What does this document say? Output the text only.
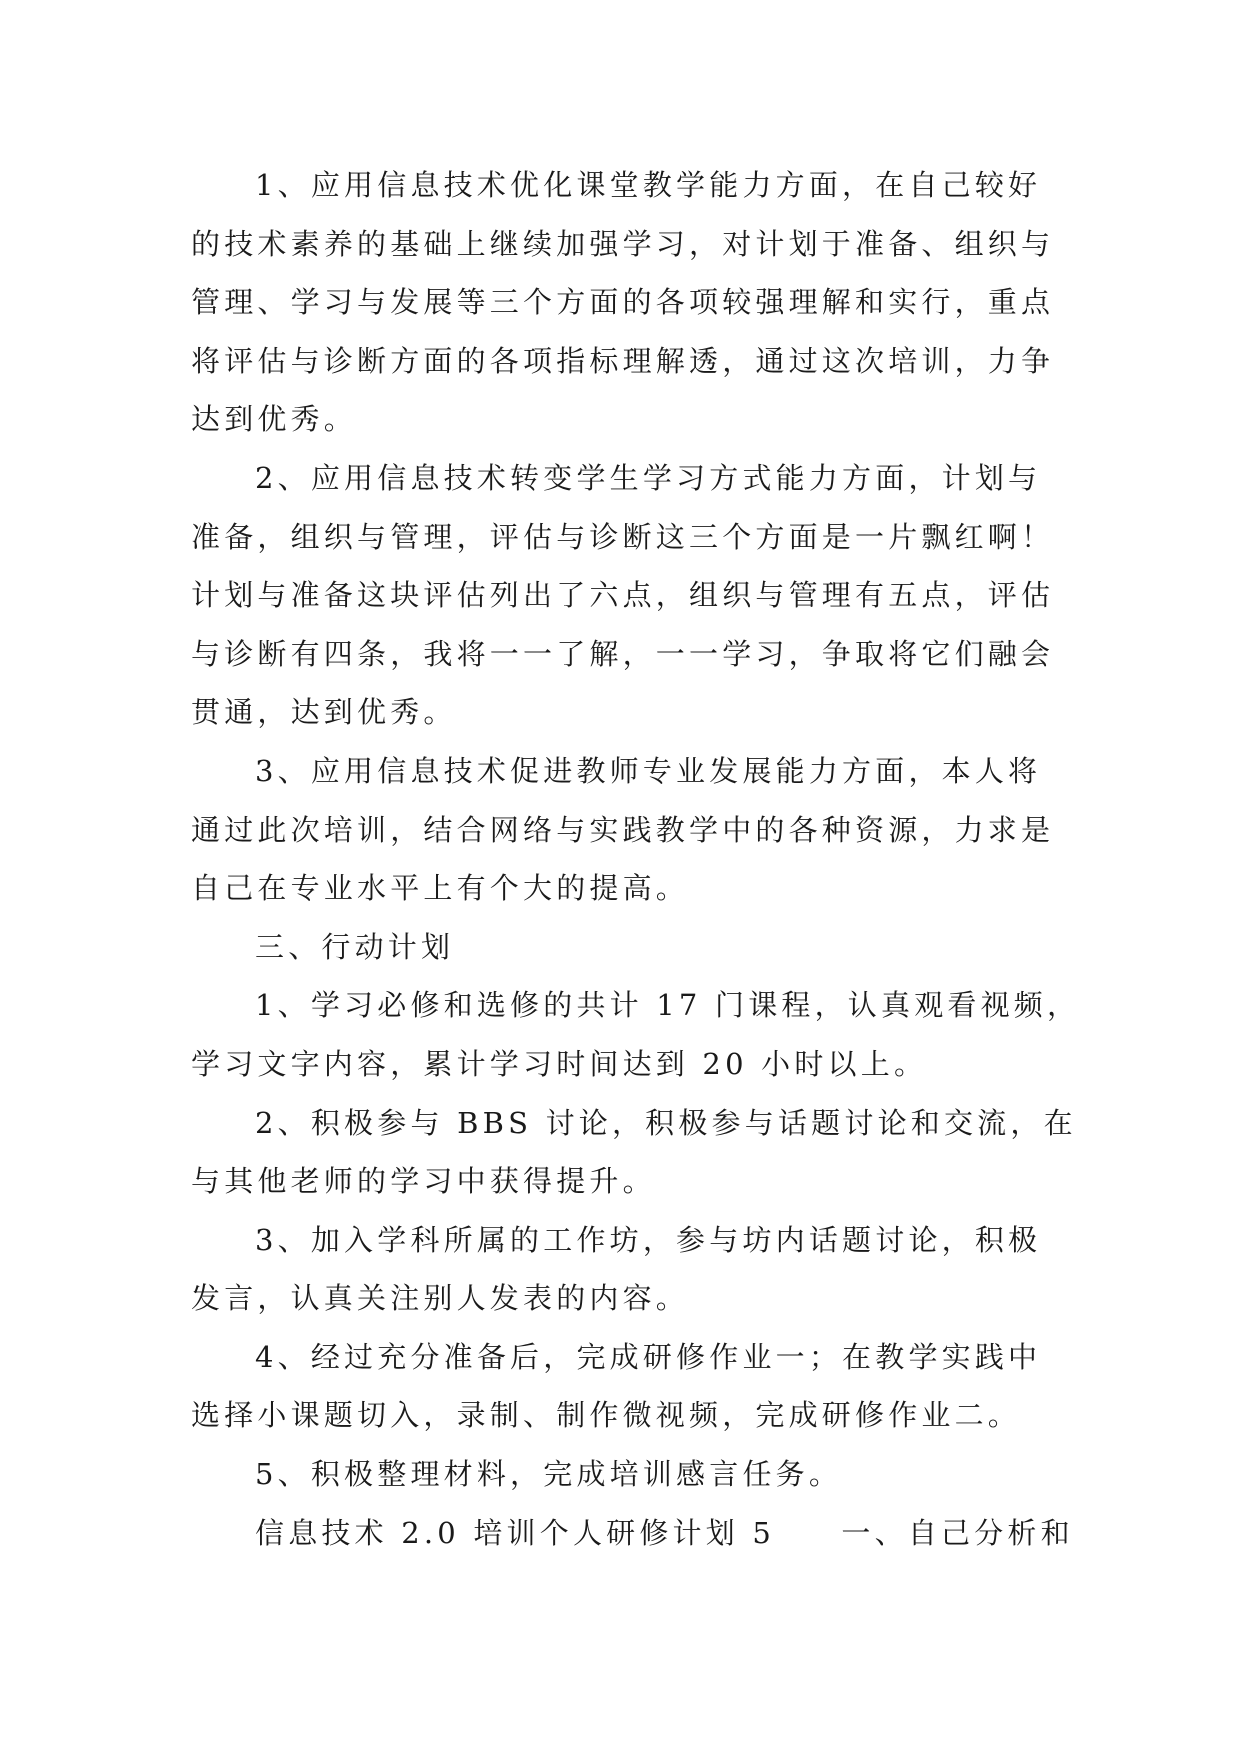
1、应用信息技术优化课堂教学能力方面，在自己较好
的技术素养的基础上继续加强学习，对计划于准备、组织与
管理、学习与发展等三个方面的各项较强理解和实行，重点
将评估与诊断方面的各项指标理解透，通过这次培训，力争
达到优秀。
2、应用信息技术转变学生学习方式能力方面，计划与
准备，组织与管理，评估与诊断这三个方面是一片飘红啊！
计划与准备这块评估列出了六点，组织与管理有五点，评估
与诊断有四条，我将一一了解，一一学习，争取将它们融会
贯通，达到优秀。
3、应用信息技术促进教师专业发展能力方面，本人将
通过此次培训，结合网络与实践教学中的各种资源，力求是
自己在专业水平上有个大的提高。
三、行动计划
1、学习必修和选修的共计 17 门课程，认真观看视频，
学习文字内容，累计学习时间达到 20 小时以上。
2、积极参与 BBS 讨论，积极参与话题讨论和交流，在
与其他老师的学习中获得提升。
3、加入学科所属的工作坊，参与坊内话题讨论，积极
发言，认真关注别人发表的内容。
4、经过充分准备后，完成研修作业一；在教学实践中
选择小课题切入，录制、制作微视频，完成研修作业二。
5、积极整理材料，完成培训感言任务。
信息技术 2.0 培训个人研修计划 5　　一、自己分析和
